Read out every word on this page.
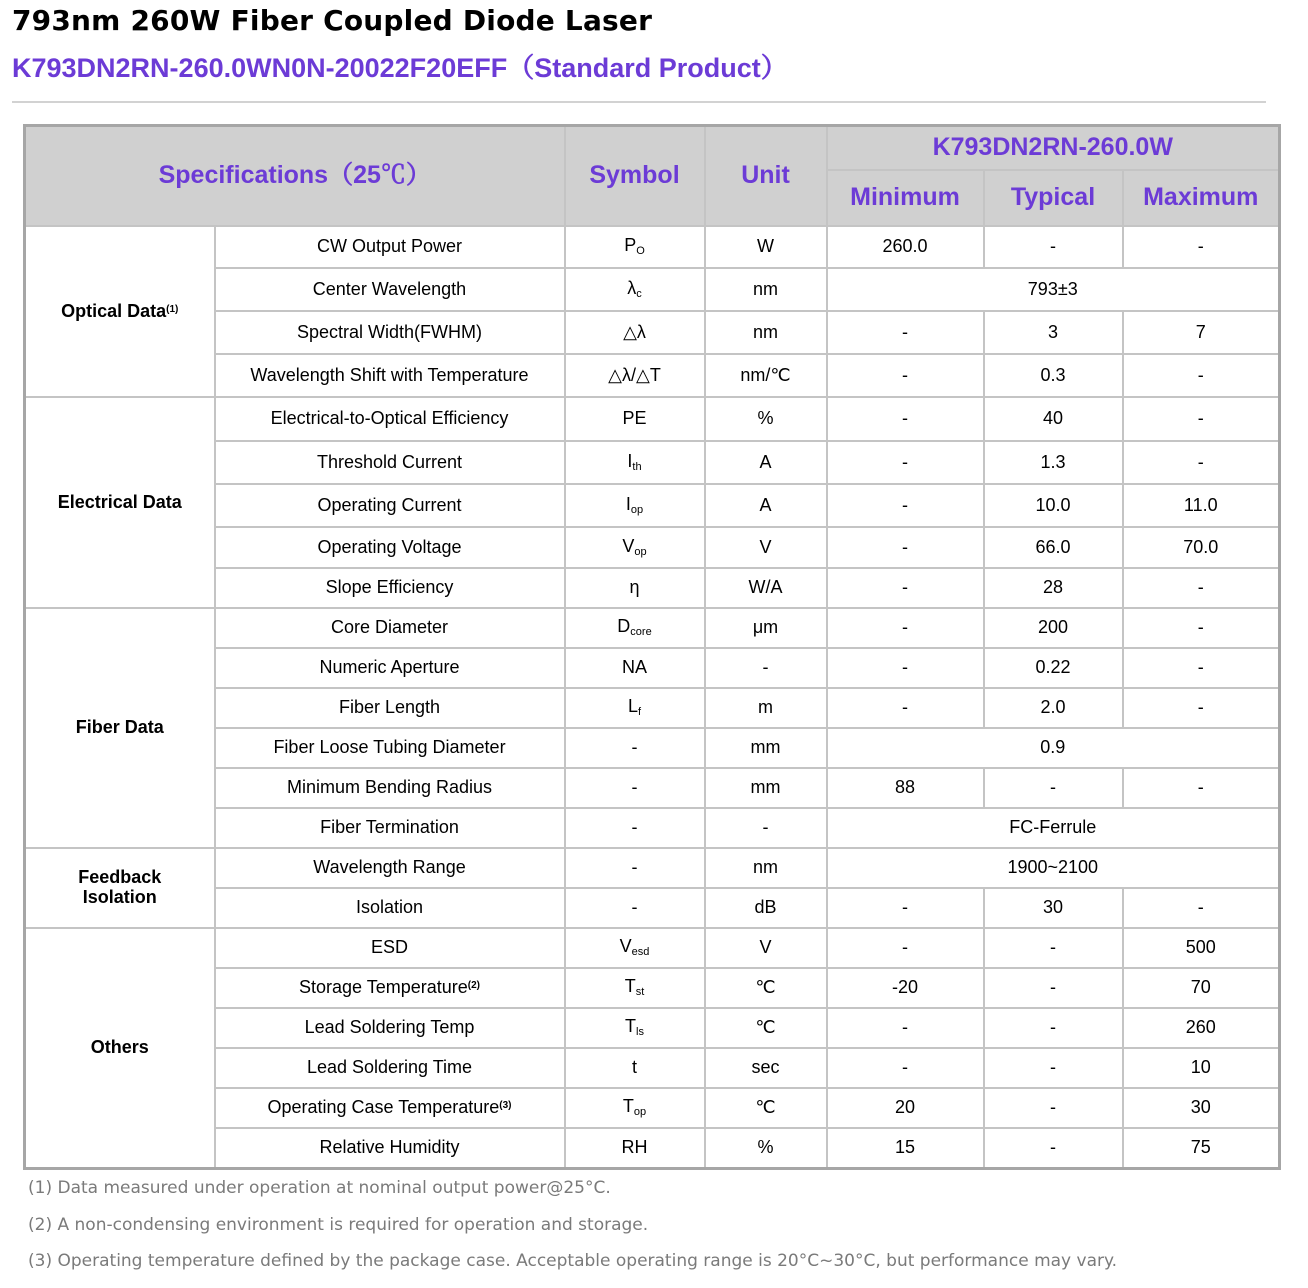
793nm 260W Fiber Coupled Diode Laser
K793DN2RN-260.0WN0N-20022F20EFF（Standard Product）
Specifications（25℃）		Symbol	Unit	K793DN2RN-260.0W		
				Minimum	Typical	Maximum
Optical Data$^{(1)}$	CW Output Power	$P_O$	W	260.0	-	-
	Center Wavelength	$\lambda_c$	nm	793±3		
	Spectral Width(FWHM)	△λ	nm	-	3	7
	Wavelength Shift with Temperature	△λ/△T	nm/℃	-	0.3	-
Electrical Data	Electrical-to-Optical Efficiency	PE	%	-	40	-
	Threshold Current	$I_{th}$	A	-	1.3	-
	Operating Current	$I_{op}$	A	-	10.0	11.0
	Operating Voltage	$V_{op}$	V	-	66.0	70.0
	Slope Efficiency	η	W/A	-	28	-
Fiber Data	Core Diameter	$D_{core}$	μm	-	200	-
	Numeric Aperture	NA	-	-	0.22	-
	Fiber Length	$L_f$	m	-	2.0	-
	Fiber Loose Tubing Diameter	-	mm	0.9		
	Minimum Bending Radius	-	mm	88	-	-
	Fiber Termination	-	-	FC-Ferrule		
Feedback
Isolation	Wavelength Range	-	nm	1900~2100		
	Isolation	-	dB	-	30	-
Others	ESD	$V_{esd}$	V	-	-	500
	Storage Temperature$^{(2)}$	$T_{st}$	℃	-20	-	70
	Lead Soldering Temp	$T_{ls}$	℃	-	-	260
	Lead Soldering Time	t	sec	-	-	10
	Operating Case Temperature$^{(3)}$	$T_{op}$	℃	20	-	30
	Relative Humidity	RH	%	15	-	75
(1) Data measured under operation at nominal output power@25°C.
(2) A non-condensing environment is required for operation and storage.
(3) Operating temperature defined by the package case. Acceptable operating range is 20°C~30°C, but performance may vary.
